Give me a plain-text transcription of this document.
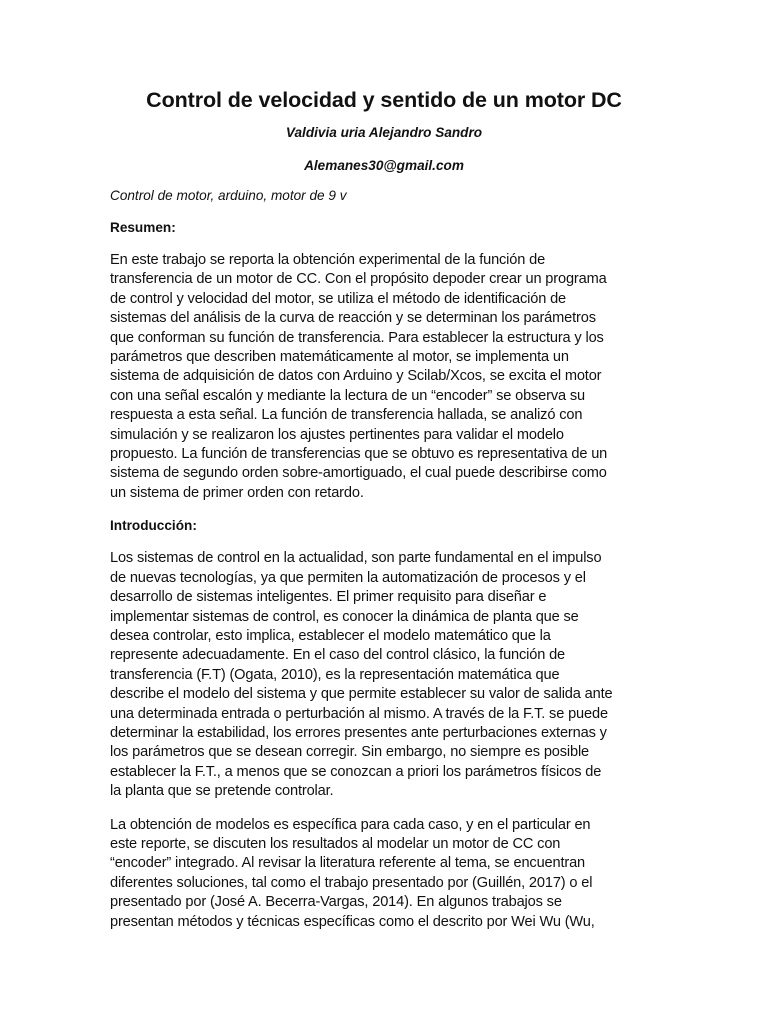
Control de velocidad y sentido de un motor DC

Valdivia uria Alejandro Sandro

Alemanes30@gmail.com

Control de motor, arduino, motor de 9 v

Resumen:

En este trabajo se reporta la obtención experimental de la función de
transferencia de un motor de CC. Con el propósito depoder crear un programa
de control y velocidad del motor, se utiliza el método de identificación de
sistemas del análisis de la curva de reacción y se determinan los parámetros
que conforman su función de transferencia. Para establecer la estructura y los
parámetros que describen matemáticamente al motor, se implementa un
sistema de adquisición de datos con Arduino y Scilab/Xcos, se excita el motor
con una señal escalón y mediante la lectura de un “encoder” se observa su
respuesta a esta señal. La función de transferencia hallada, se analizó con
simulación y se realizaron los ajustes pertinentes para validar el modelo
propuesto. La función de transferencias que se obtuvo es representativa de un
sistema de segundo orden sobre-amortiguado, el cual puede describirse como
un sistema de primer orden con retardo.

Introducción:

Los sistemas de control en la actualidad, son parte fundamental en el impulso
de nuevas tecnologías, ya que permiten la automatización de procesos y el
desarrollo de sistemas inteligentes. El primer requisito para diseñar e
implementar sistemas de control, es conocer la dinámica de planta que se
desea controlar, esto implica, establecer el modelo matemático que la
represente adecuadamente. En el caso del control clásico, la función de
transferencia (F.T) (Ogata, 2010), es la representación matemática que
describe el modelo del sistema y que permite establecer su valor de salida ante
una determinada entrada o perturbación al mismo. A través de la F.T. se puede
determinar la estabilidad, los errores presentes ante perturbaciones externas y
los parámetros que se desean corregir. Sin embargo, no siempre es posible
establecer la F.T., a menos que se conozcan a priori los parámetros físicos de
la planta que se pretende controlar.

La obtención de modelos es específica para cada caso, y en el particular en
este reporte, se discuten los resultados al modelar un motor de CC con
“encoder” integrado. Al revisar la literatura referente al tema, se encuentran
diferentes soluciones, tal como el trabajo presentado por (Guillén, 2017) o el
presentado por (José A. Becerra-Vargas, 2014). En algunos trabajos se
presentan métodos y técnicas específicas como el descrito por Wei Wu (Wu,
